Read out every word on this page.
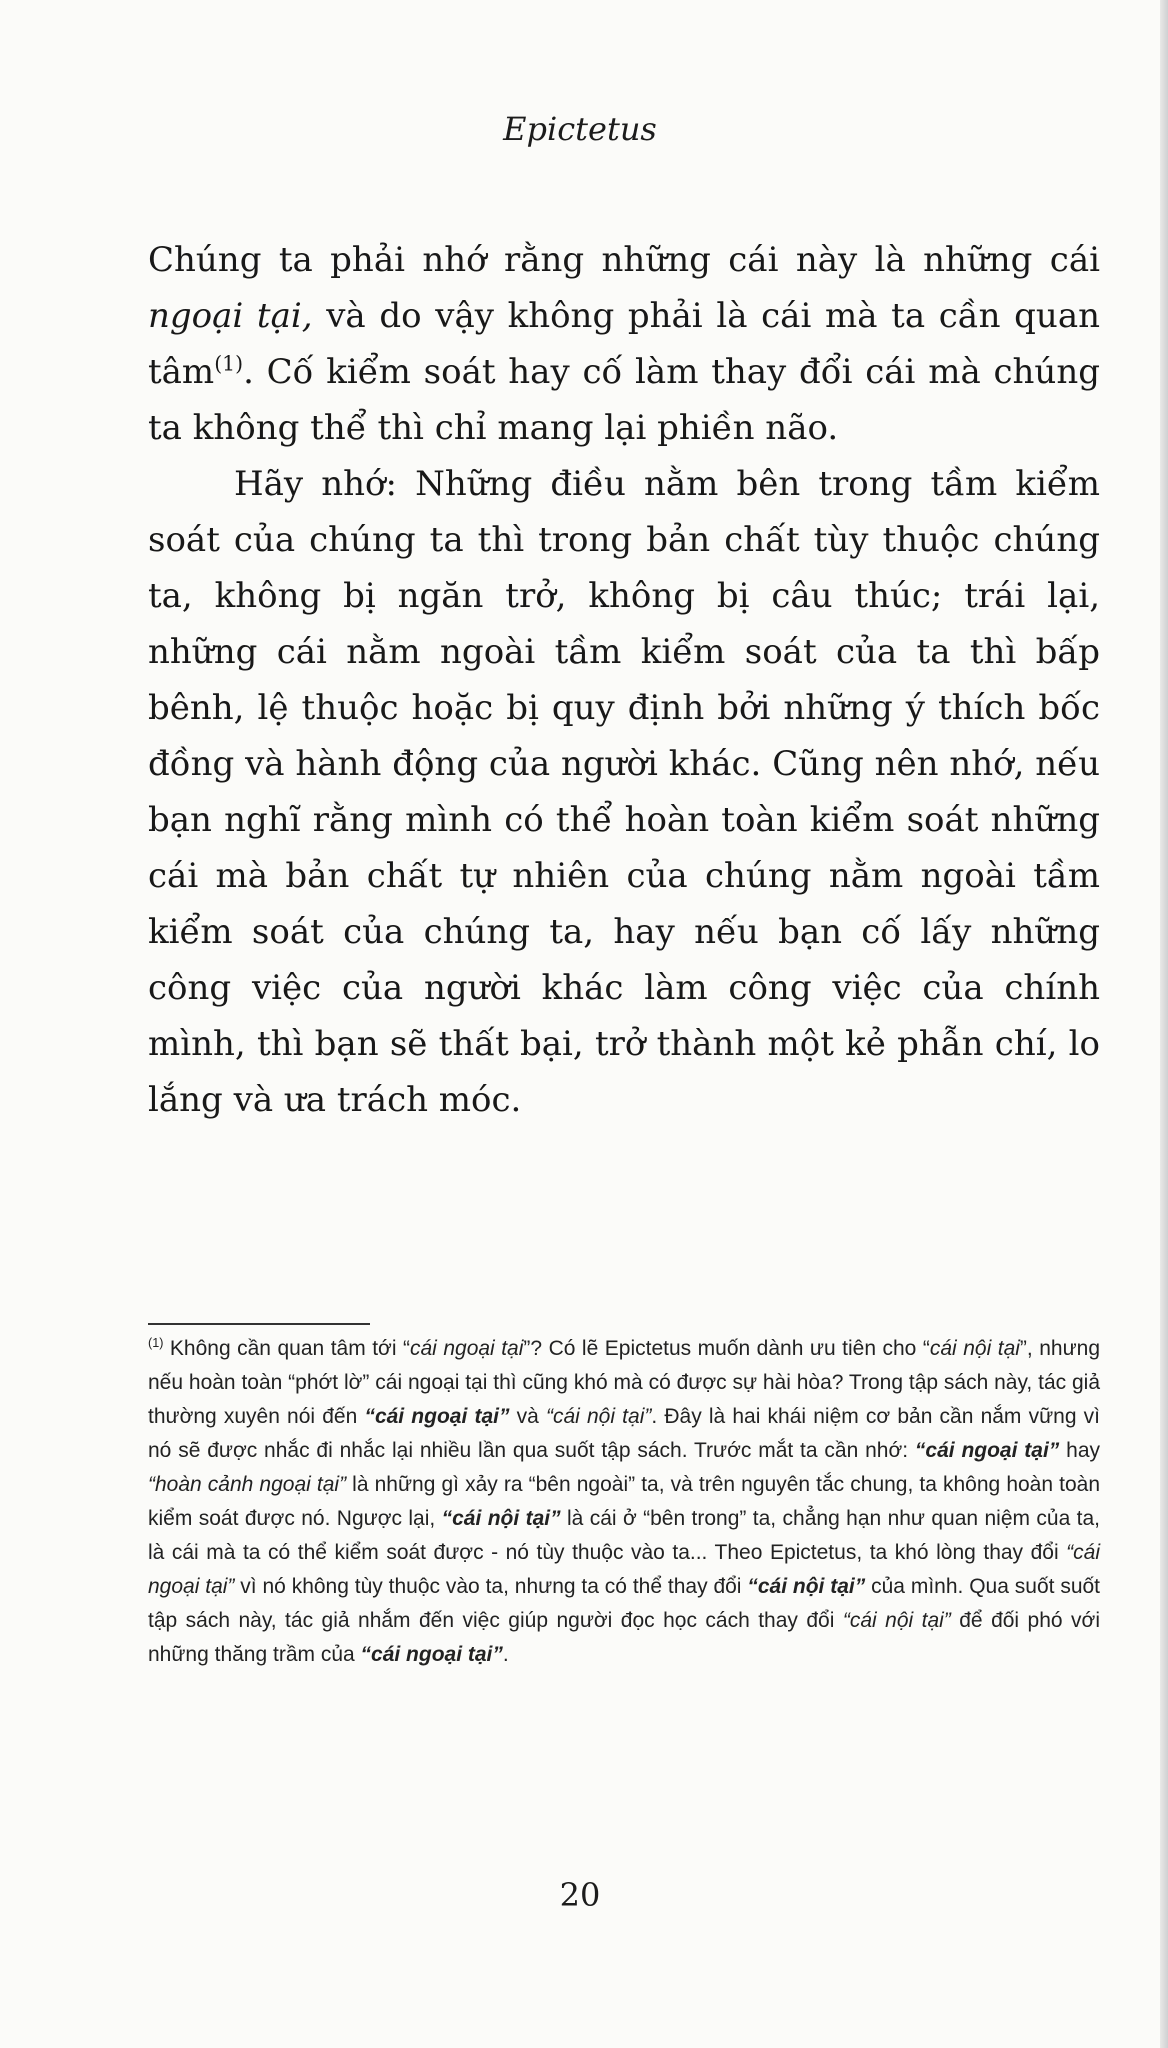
Epictetus

Chúng ta phải nhớ rằng những cái này là những cái ngoại tại, và do vậy không phải là cái mà ta cần quan tâm$^{(1)}$. Cố kiểm soát hay cố làm thay đổi cái mà chúng ta không thể thì chỉ mang lại phiền não.

Hãy nhớ: Những điều nằm bên trong tầm kiểm soát của chúng ta thì trong bản chất tùy thuộc chúng ta, không bị ngăn trở, không bị câu thúc; trái lại, những cái nằm ngoài tầm kiểm soát của ta thì bấp bênh, lệ thuộc hoặc bị quy định bởi những ý thích bốc đồng và hành động của người khác. Cũng nên nhớ, nếu bạn nghĩ rằng mình có thể hoàn toàn kiểm soát những cái mà bản chất tự nhiên của chúng nằm ngoài tầm kiểm soát của chúng ta, hay nếu bạn cố lấy những công việc của người khác làm công việc của chính mình, thì bạn sẽ thất bại, trở thành một kẻ phẫn chí, lo lắng và ưa trách móc.

$^{(1)}$ Không cần quan tâm tới “cái ngoại tại”? Có lẽ Epictetus muốn dành ưu tiên cho “cái nội tại”, nhưng nếu hoàn toàn “phớt lờ” cái ngoại tại thì cũng khó mà có được sự hài hòa? Trong tập sách này, tác giả thường xuyên nói đến “cái ngoại tại” và “cái nội tại”. Đây là hai khái niệm cơ bản cần nắm vững vì nó sẽ được nhắc đi nhắc lại nhiều lần qua suốt tập sách. Trước mắt ta cần nhớ: “cái ngoại tại” hay “hoàn cảnh ngoại tại” là những gì xảy ra “bên ngoài” ta, và trên nguyên tắc chung, ta không hoàn toàn kiểm soát được nó. Ngược lại, “cái nội tại” là cái ở “bên trong” ta, chẳng hạn như quan niệm của ta, là cái mà ta có thể kiểm soát được - nó tùy thuộc vào ta... Theo Epictetus, ta khó lòng thay đổi “cái ngoại tại” vì nó không tùy thuộc vào ta, nhưng ta có thể thay đổi “cái nội tại” của mình. Qua suốt suốt tập sách này, tác giả nhắm đến việc giúp người đọc học cách thay đổi “cái nội tại” để đối phó với những thăng trầm của “cái ngoại tại”.
20
